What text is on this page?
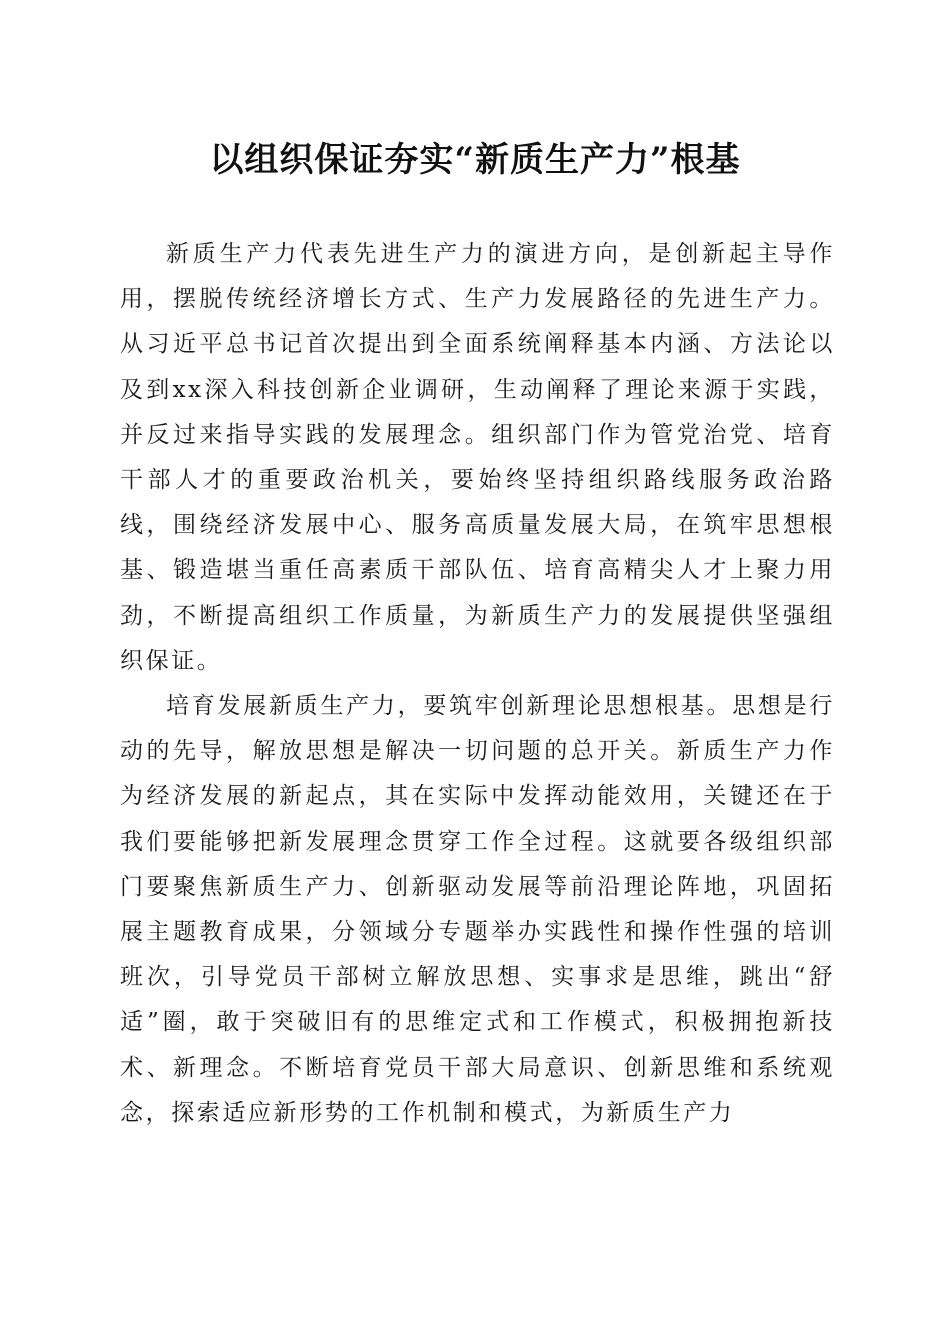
以组织保证夯实“新质生产力”根基

新质生产力代表先进生产力的演进方向，是创新起主导作用，摆脱传统经济增长方式、生产力发展路径的先进生产力。从习近平总书记首次提出到全面系统阐释基本内涵、方法论以及到xx深入科技创新企业调研，生动阐释了理论来源于实践，并反过来指导实践的发展理念。组织部门作为管党治党、培育干部人才的重要政治机关，要始终坚持组织路线服务政治路线，围绕经济发展中心、服务高质量发展大局，在筑牢思想根基、锻造堪当重任高素质干部队伍、培育高精尖人才上聚力用劲，不断提高组织工作质量，为新质生产力的发展提供坚强组织保证。

培育发展新质生产力，要筑牢创新理论思想根基。思想是行动的先导，解放思想是解决一切问题的总开关。新质生产力作为经济发展的新起点，其在实际中发挥动能效用，关键还在于我们要能够把新发展理念贯穿工作全过程。这就要各级组织部门要聚焦新质生产力、创新驱动发展等前沿理论阵地，巩固拓展主题教育成果，分领域分专题举办实践性和操作性强的培训班次，引导党员干部树立解放思想、实事求是思维，跳出“舒适”圈，敢于突破旧有的思维定式和工作模式，积极拥抱新技术、新理念。不断培育党员干部大局意识、创新思维和系统观念，探索适应新形势的工作机制和模式，为新质生产力
